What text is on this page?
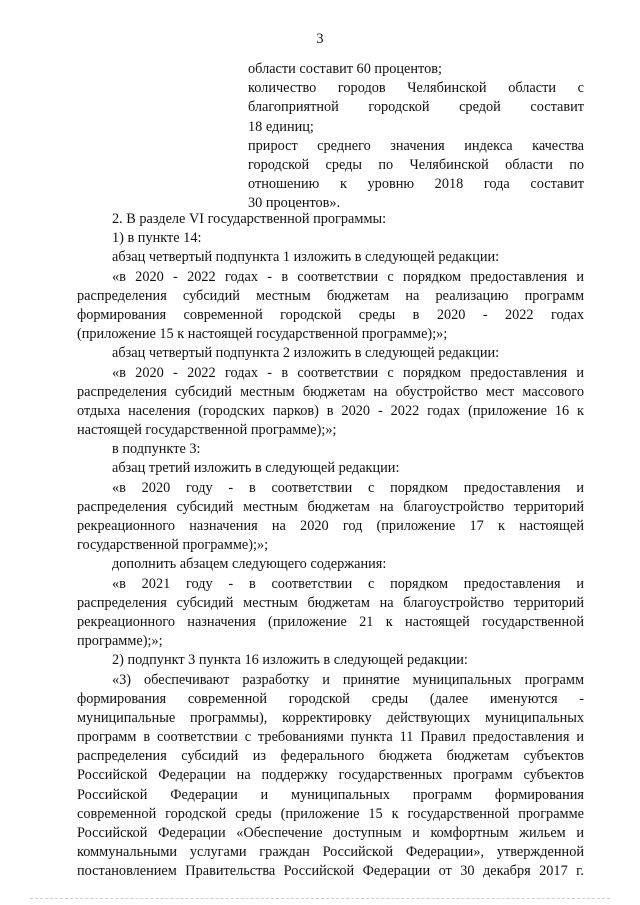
3
области составит 60 процентов;
количество городов Челябинской области с
благоприятной городской средой составит
18 единиц;
прирост среднего значения индекса качества
городской среды по Челябинской области по
отношению к уровню 2018 года составит
30 процентов».
2. В разделе VI государственной программы:
1) в пункте 14:
абзац четвертый подпункта 1 изложить в следующей редакции:
«в 2020 - 2022 годах - в соответствии с порядком предоставления и
распределения субсидий местным бюджетам на реализацию программ
формирования современной городской среды в 2020 - 2022 годах
(приложение 15 к настоящей государственной программе);»;
абзац четвертый подпункта 2 изложить в следующей редакции:
«в 2020 - 2022 годах - в соответствии с порядком предоставления и
распределения субсидий местным бюджетам на обустройство мест массового
отдыха населения (городских парков) в 2020 - 2022 годах (приложение 16 к
настоящей государственной программе);»;
в подпункте 3:
абзац третий изложить в следующей редакции:
«в 2020 году - в соответствии с порядком предоставления и
распределения субсидий местным бюджетам на благоустройство территорий
рекреационного назначения на 2020 год (приложение 17 к настоящей
государственной программе);»;
дополнить абзацем следующего содержания:
«в 2021 году - в соответствии с порядком предоставления и
распределения субсидий местным бюджетам на благоустройство территорий
рекреационного назначения (приложение 21 к настоящей государственной
программе);»;
2) подпункт 3 пункта 16 изложить в следующей редакции:
«3) обеспечивают разработку и принятие муниципальных программ
формирования современной городской среды (далее именуются -
муниципальные программы), корректировку действующих муниципальных
программ в соответствии с требованиями пункта 11 Правил предоставления и
распределения субсидий из федерального бюджета бюджетам субъектов
Российской Федерации на поддержку государственных программ субъектов
Российской Федерации и муниципальных программ формирования
современной городской среды (приложение 15 к государственной программе
Российской Федерации «Обеспечение доступным и комфортным жильем и
коммунальными услугами граждан Российской Федерации», утвержденной
постановлением Правительства Российской Федерации от 30 декабря 2017 г.
